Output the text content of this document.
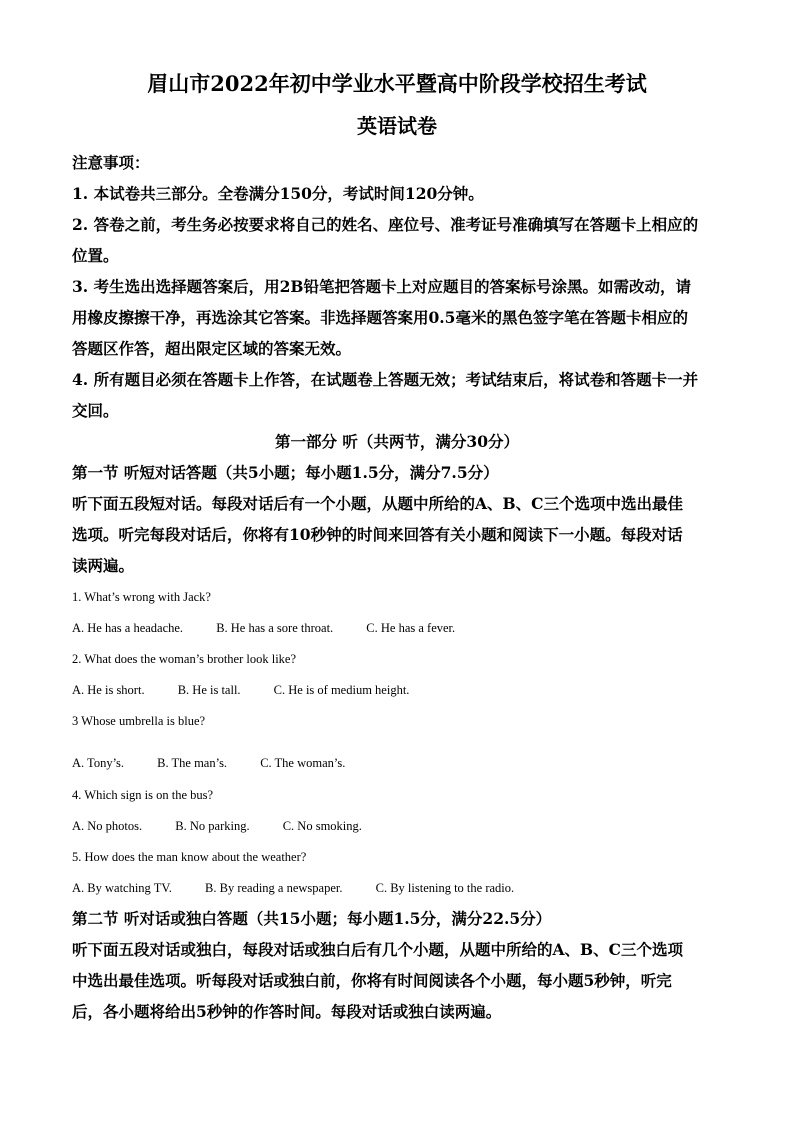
眉山市2022年初中学业水平暨高中阶段学校招生考试
英语试卷
注意事项：
1. 本试卷共三部分。全卷满分150分，考试时间120分钟。
2. 答卷之前，考生务必按要求将自己的姓名、座位号、准考证号准确填写在答题卡上相应的
位置。
3. 考生选出选择题答案后，用2B铅笔把答题卡上对应题目的答案标号涂黑。如需改动，请
用橡皮擦擦干净，再选涂其它答案。非选择题答案用0.5毫米的黑色签字笔在答题卡相应的
答题区作答，超出限定区域的答案无效。
4. 所有题目必须在答题卡上作答，在试题卷上答题无效；考试结束后，将试卷和答题卡一并
交回。
第一部分 听（共两节，满分30分）
第一节 听短对话答题（共5小题；每小题1.5分，满分7.5分）
听下面五段短对话。每段对话后有一个小题，从题中所给的A、B、C三个选项中选出最佳
选项。听完每段对话后，你将有10秒钟的时间来回答有关小题和阅读下一小题。每段对话
读两遍。
1. What’s wrong with Jack?
A. He has a headache.	B. He has a sore throat.	C. He has a fever.
2. What does the woman’s brother look like?
A. He is short.	B. He is tall.	C. He is of medium height.
3 Whose umbrella is blue?
A. Tony’s.	B. The man’s.	C. The woman’s.
4. Which sign is on the bus?
A. No photos.	B. No parking.	C. No smoking.
5. How does the man know about the weather?
A. By watching TV.	B. By reading a newspaper.	C. By listening to the radio.
第二节 听对话或独白答题（共15小题；每小题1.5分，满分22.5分）
听下面五段对话或独白，每段对话或独白后有几个小题，从题中所给的A、B、C三个选项
中选出最佳选项。听每段对话或独白前，你将有时间阅读各个小题，每小题5秒钟，听完
后，各小题将给出5秒钟的作答时间。每段对话或独白读两遍。
